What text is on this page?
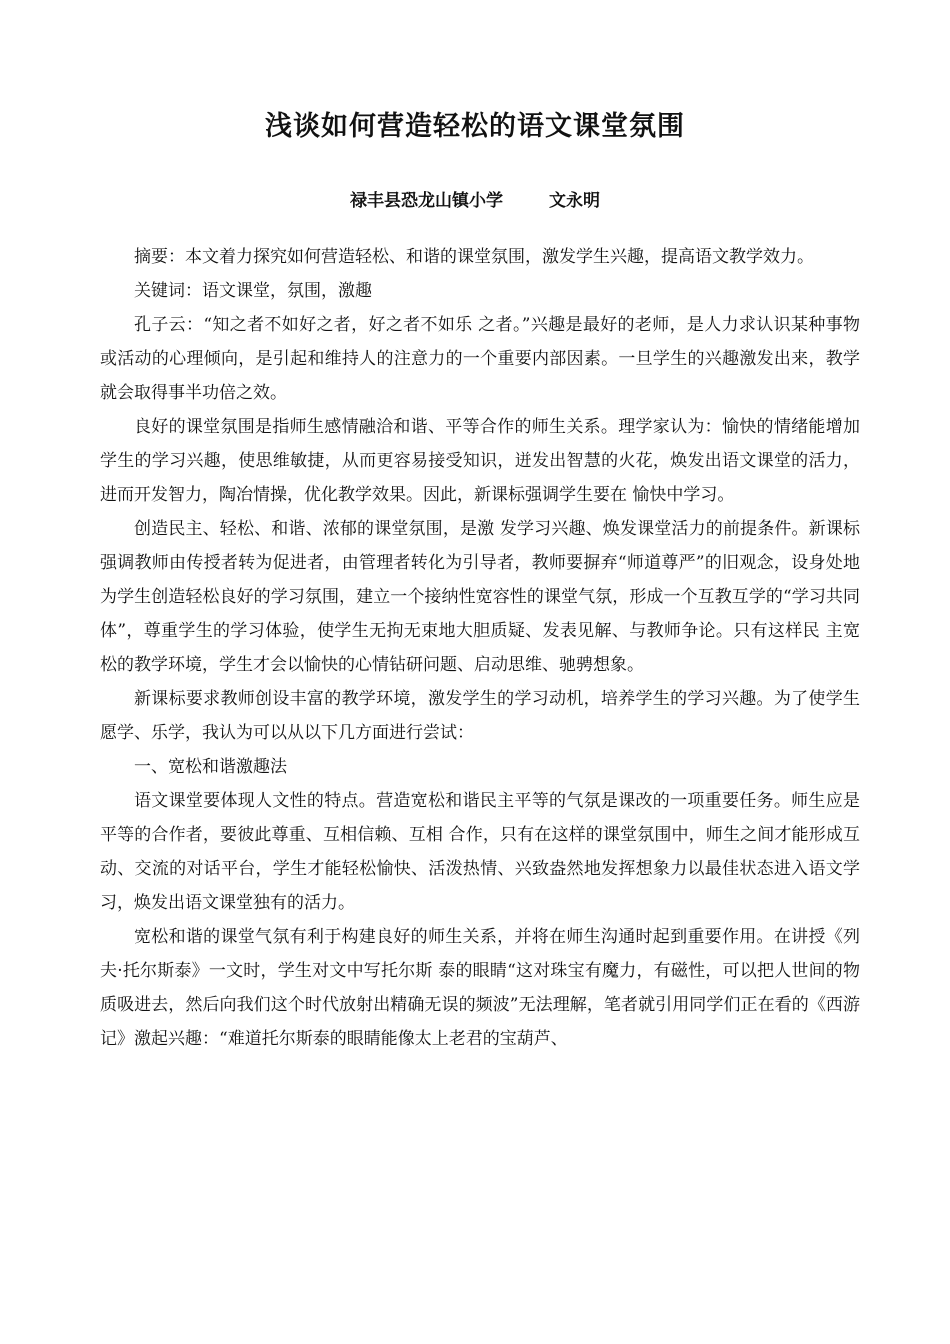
浅谈如何营造轻松的语文课堂氛围
禄丰县恐龙山镇小学	文永明

摘要：本文着力探究如何营造轻松、和谐的课堂氛围，激发学生兴趣，提高语文教学效力。

关键词：语文课堂，氛围，激趣

孔子云：“知之者不如好之者，好之者不如乐 之者。”兴趣是最好的老师，是人力求认识某种事物或活动的心理倾向，是引起和维持人的注意力的一个重要内部因素。一旦学生的兴趣激发出来，教学就会取得事半功倍之效。

良好的课堂氛围是指师生感情融洽和谐、平等合作的师生关系。理学家认为：愉快的情绪能增加学生的学习兴趣，使思维敏捷，从而更容易接受知识，迸发出智慧的火花，焕发出语文课堂的活力，进而开发智力，陶冶情操，优化教学效果。因此，新课标强调学生要在 愉快中学习。

创造民主、轻松、和谐、浓郁的课堂氛围，是激 发学习兴趣、焕发课堂活力的前提条件。新课标强调教师由传授者转为促进者，由管理者转化为引导者，教师要摒弃“师道尊严”的旧观念，设身处地为学生创造轻松良好的学习氛围，建立一个接纳性宽容性的课堂气氛，形成一个互教互学的“学习共同体”，尊重学生的学习体验，使学生无拘无束地大胆质疑、发表见解、与教师争论。只有这样民 主宽松的教学环境，学生才会以愉快的心情钻研问题、启动思维、驰骋想象。

新课标要求教师创设丰富的教学环境，激发学生的学习动机，培养学生的学习兴趣。为了使学生愿学、乐学，我认为可以从以下几方面进行尝试：

一、宽松和谐激趣法

语文课堂要体现人文性的特点。营造宽松和谐民主平等的气氛是课改的一项重要任务。师生应是平等的合作者，要彼此尊重、互相信赖、互相 合作，只有在这样的课堂氛围中，师生之间才能形成互动、交流的对话平台，学生才能轻松愉快、活泼热情、兴致盎然地发挥想象力以最佳状态进入语文学习，焕发出语文课堂独有的活力。

宽松和谐的课堂气氛有利于构建良好的师生关系，并将在师生沟通时起到重要作用。在讲授《列夫·托尔斯泰》一文时，学生对文中写托尔斯 泰的眼睛“这对珠宝有魔力，有磁性，可以把人世间的物质吸进去，然后向我们这个时代放射出精确无误的频波”无法理解，笔者就引用同学们正在看的《西游记》激起兴趣：“难道托尔斯泰的眼睛能像太上老君的宝葫芦、
